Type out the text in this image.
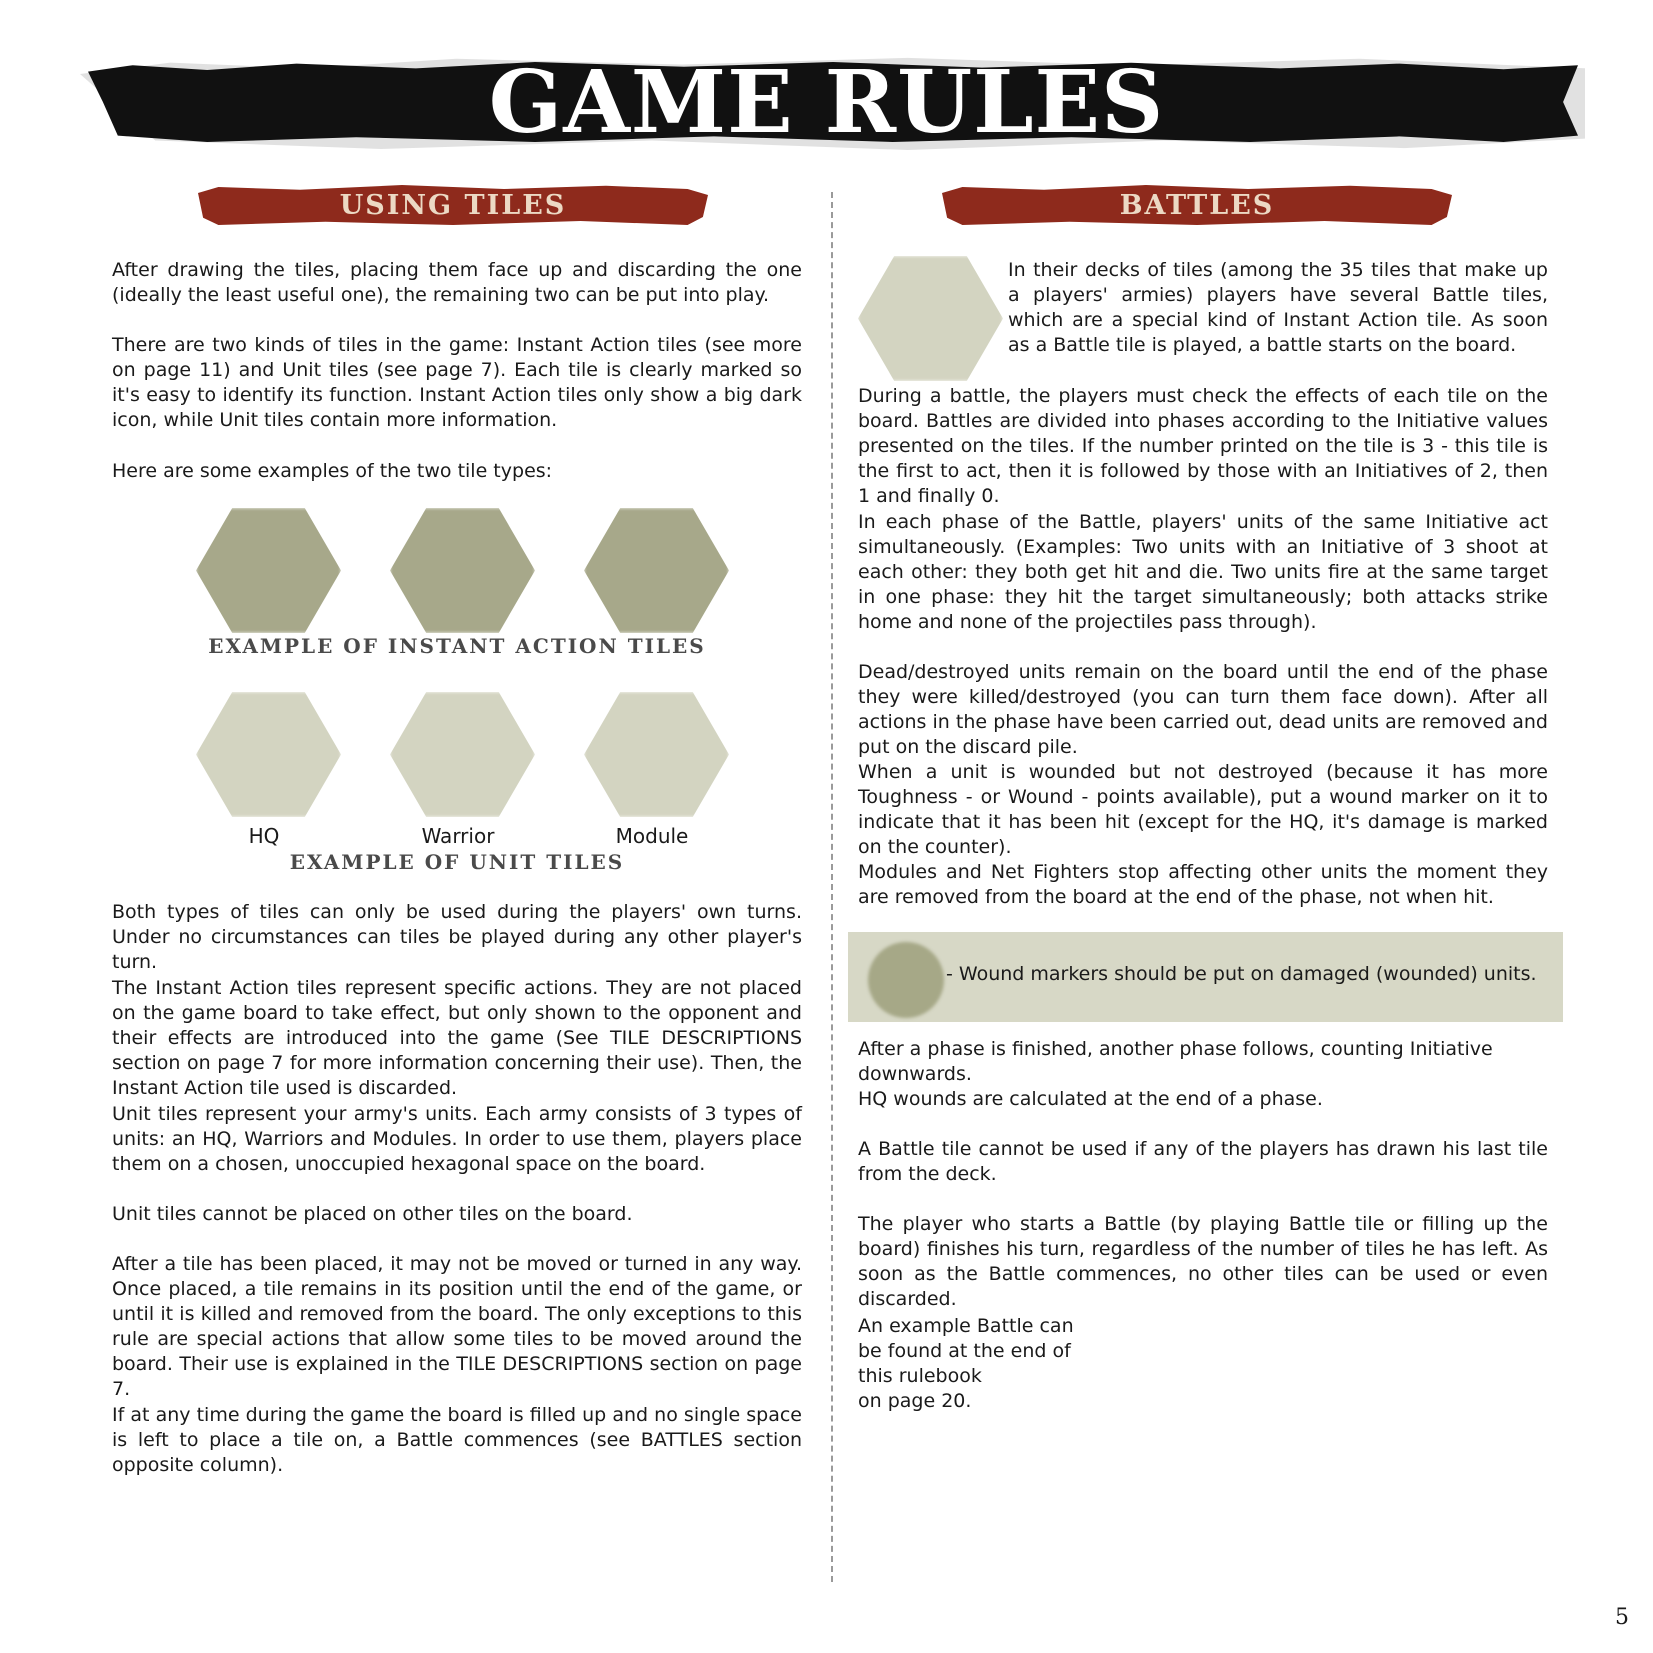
GAME RULES
USING TILES	BATTLES

After drawing the tiles, placing them face up and discarding the one (ideally the least useful one), the remaining two can be put into play.

There are two kinds of tiles in the game: Instant Action tiles (see more on page 11) and Unit tiles (see page 7). Each tile is clearly marked so it's easy to identify its function. Instant Action tiles only show a big dark icon, while Unit tiles contain more information.

Here are some examples of the two tile types:

EXAMPLE OF INSTANT ACTION TILES
HQ	Warrior	Module
EXAMPLE OF UNIT TILES

Both types of tiles can only be used during the players' own turns. Under no circumstances can tiles be played during any other player's turn.

The Instant Action tiles represent specific actions. They are not placed on the game board to take effect, but only shown to the opponent and their effects are introduced into the game (See TILE DESCRIPTIONS section on page 7 for more information concerning their use). Then, the Instant Action tile used is discarded.

Unit tiles represent your army's units. Each army consists of 3 types of units: an HQ, Warriors and Modules. In order to use them, players place them on a chosen, unoccupied hexagonal space on the board.

Unit tiles cannot be placed on other tiles on the board.

After a tile has been placed, it may not be moved or turned in any way. Once placed, a tile remains in its position until the end of the game, or until it is killed and removed from the board. The only exceptions to this rule are special actions that allow some tiles to be moved around the board. Their use is explained in the TILE DESCRIPTIONS section on page 7.

If at any time during the game the board is filled up and no single space is left to place a tile on, a Battle commences (see BATTLES section opposite column).

In their decks of tiles (among the 35 tiles that make up a players' armies) players have several Battle tiles, which are a special kind of Instant Action tile. As soon as a Battle tile is played, a battle starts on the board.

During a battle, the players must check the effects of each tile on the board. Battles are divided into phases according to the Initiative values presented on the tiles. If the number printed on the tile is 3 - this tile is the first to act, then it is followed by those with an Initiatives of 2, then 1 and finally 0.

In each phase of the Battle, players' units of the same Initiative act simultaneously. (Examples: Two units with an Initiative of 3 shoot at each other: they both get hit and die. Two units fire at the same target in one phase: they hit the target simultaneously; both attacks strike home and none of the projectiles pass through).

Dead/destroyed units remain on the board until the end of the phase they were killed/destroyed (you can turn them face down). After all actions in the phase have been carried out, dead units are removed and put on the discard pile.

When a unit is wounded but not destroyed (because it has more Toughness - or Wound - points available), put a wound marker on it to indicate that it has been hit (except for the HQ, it's damage is marked on the counter).

Modules and Net Fighters stop affecting other units the moment they are removed from the board at the end of the phase, not when hit.

- Wound markers should be put on damaged (wounded) units.

After a phase is finished, another phase follows, counting Initiative downwards.

HQ wounds are calculated at the end of a phase.

A Battle tile cannot be used if any of the players has drawn his last tile from the deck.

The player who starts a Battle (by playing Battle tile or filling up the board) finishes his turn, regardless of the number of tiles he has left. As soon as the Battle commences, no other tiles can be used or even discarded.

An example Battle can
be found at the end of
this rulebook
on page 20.
5
